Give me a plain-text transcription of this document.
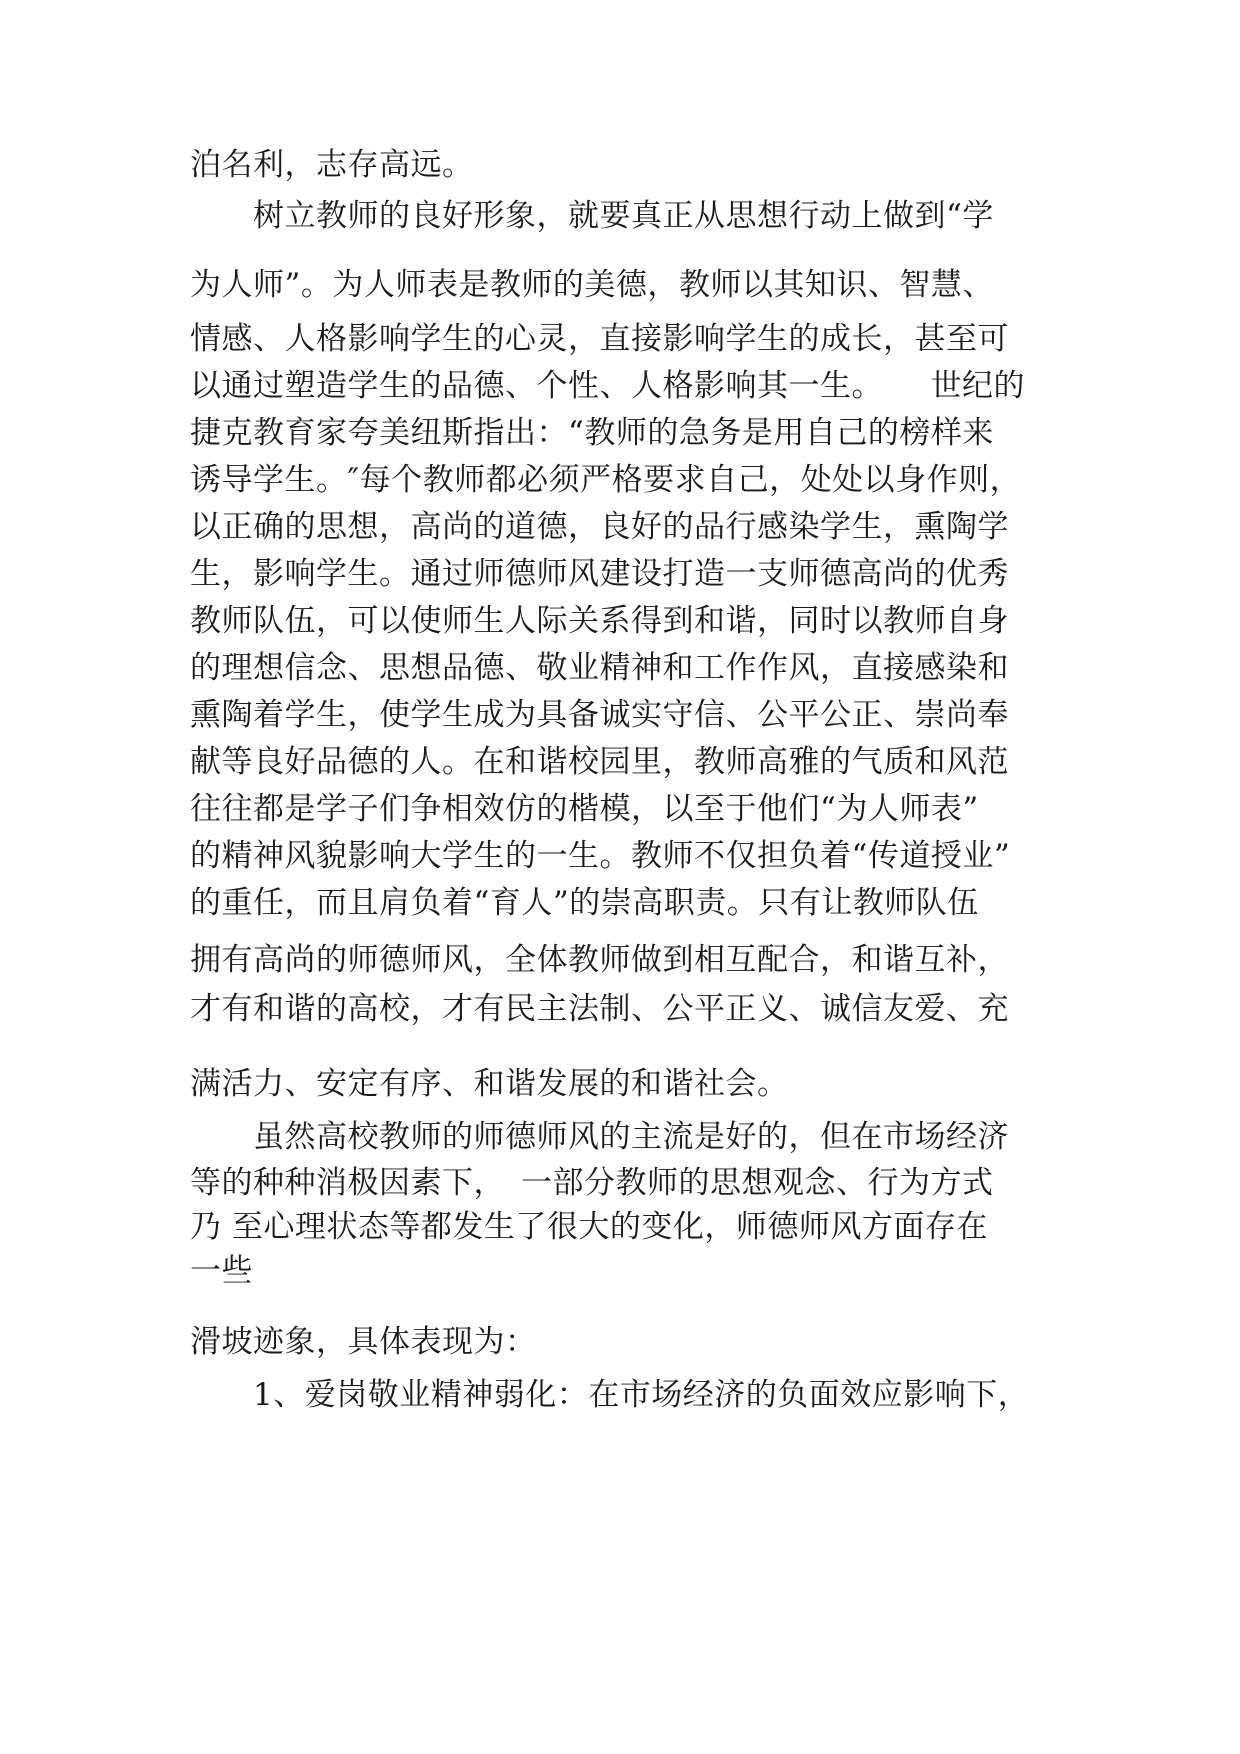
泊名利，志存高远。

　　树立教师的良好形象，就要真正从思想行动上做到“学

为人师”。为人师表是教师的美德，教师以其知识、智慧、

情感、人格影响学生的心灵，直接影响学生的成长，甚至可

以通过塑造学生的品德、个性、人格影响其一生。　　世纪的

捷克教育家夸美纽斯指出：“教师的急务是用自己的榜样来

诱导学生。″每个教师都必须严格要求自己，处处以身作则，

以正确的思想，高尚的道德，良好的品行感染学生，熏陶学

生，影响学生。通过师德师风建设打造一支师德高尚的优秀

教师队伍，可以使师生人际关系得到和谐，同时以教师自身

的理想信念、思想品德、敬业精神和工作作风，直接感染和

熏陶着学生，使学生成为具备诚实守信、公平公正、崇尚奉

献等良好品德的人。在和谐校园里，教师高雅的气质和风范

往往都是学子们争相效仿的楷模，以至于他们“为人师表”

的精神风貌影响大学生的一生。教师不仅担负着“传道授业”

的重任，而且肩负着“育人”的崇高职责。只有让教师队伍

拥有高尚的师德师风，全体教师做到相互配合，和谐互补，

才有和谐的高校，才有民主法制、公平正义、诚信友爱、充

满活力、安定有序、和谐发展的和谐社会。

　　虽然高校教师的师德师风的主流是好的，但在市场经济

等的种种消极因素下，　一部分教师的思想观念、行为方式

乃 至心理状态等都发生了很大的变化，师德师风方面存在

一些

滑坡迹象，具体表现为：

　　1、爱岗敬业精神弱化：在市场经济的负面效应影响下，
